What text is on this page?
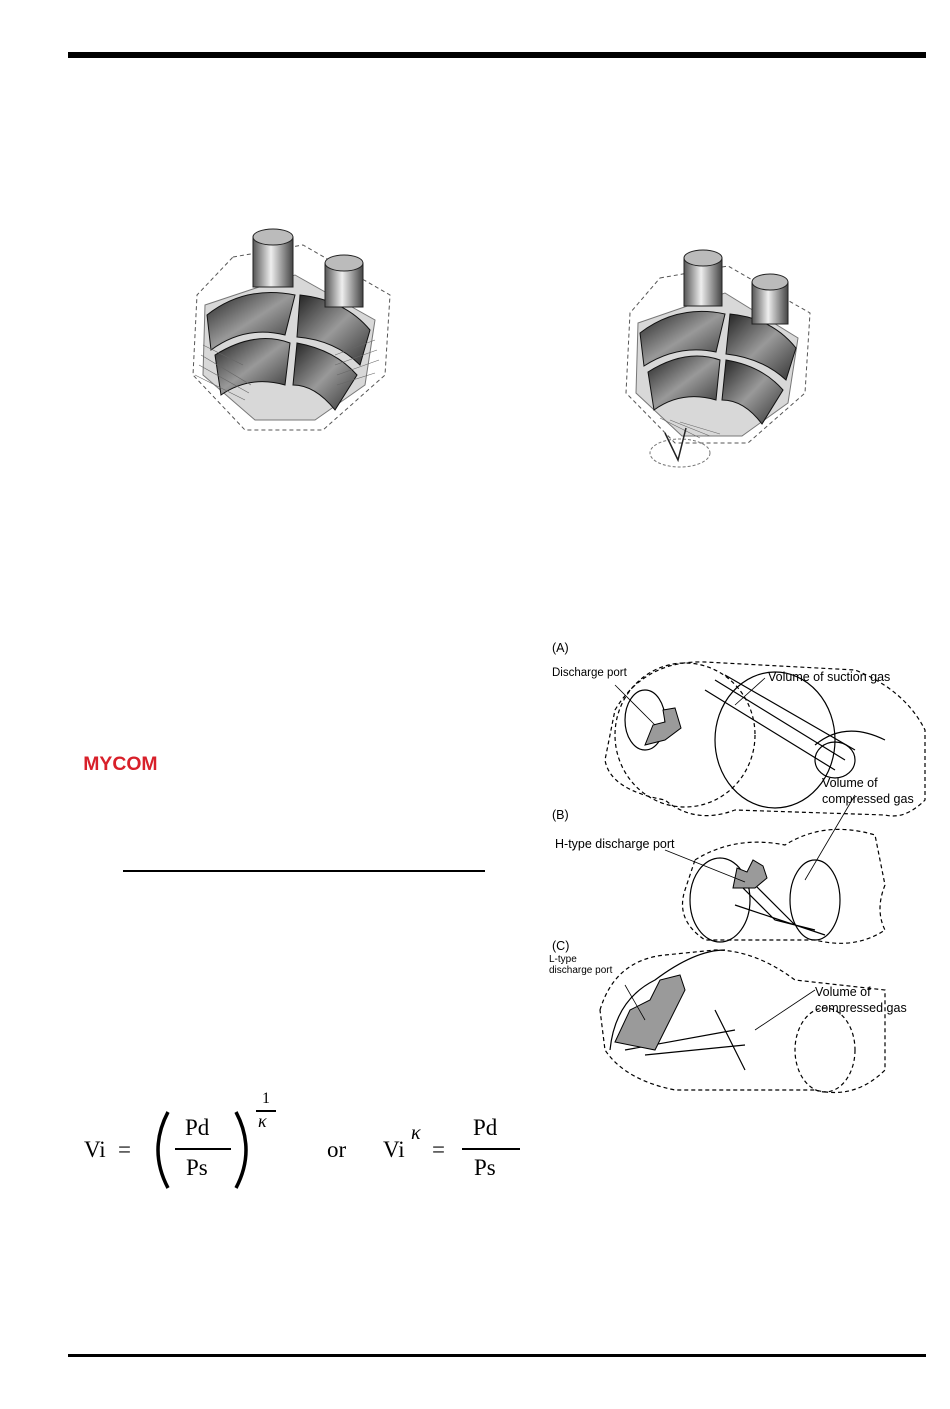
(A)
Discharge port	Volume of suction gas
(B)
Volume of
compressed gas
H-type discharge port
(C)
L-type
discharge port
Volume of
compressed gas
MYCOM
Vi =
Pd
Ps
1
κ
or Vi
κ
=
Pd
Ps
